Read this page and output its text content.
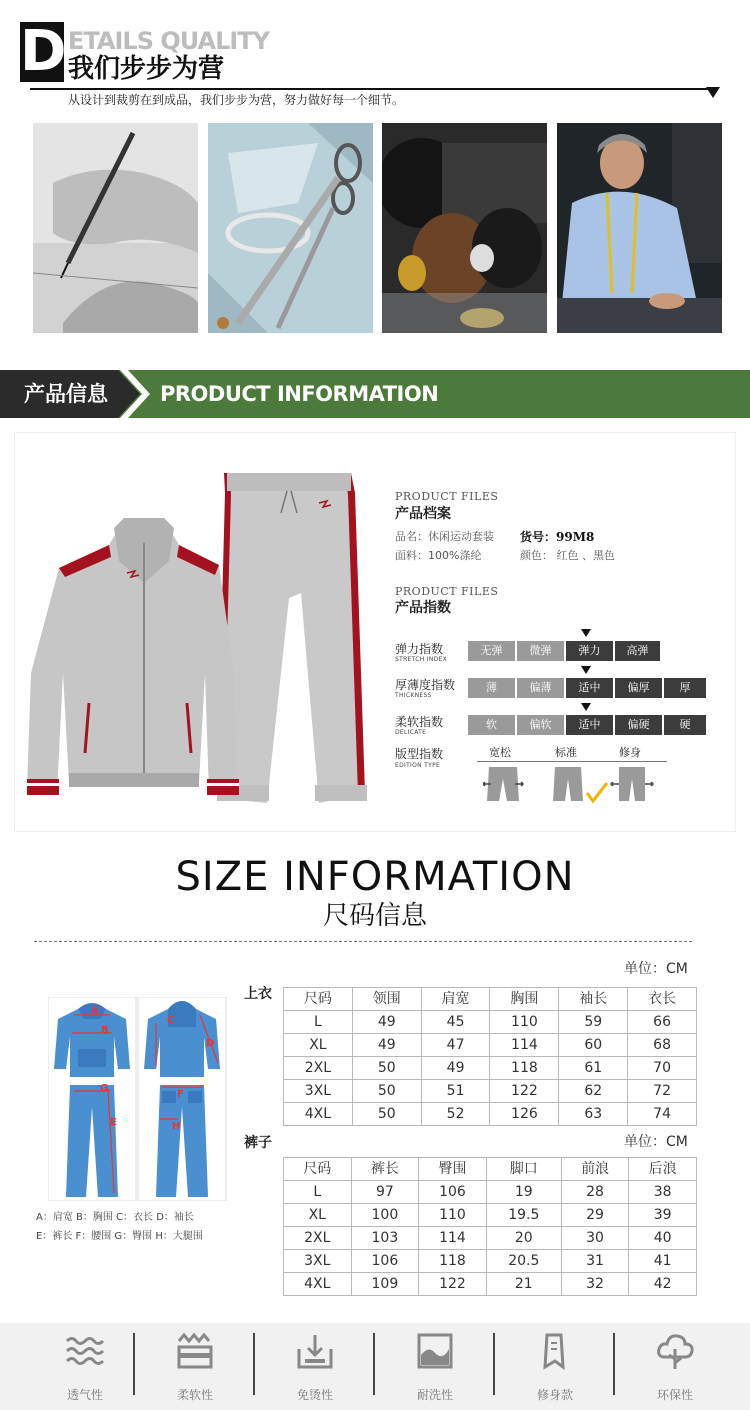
D ETAILS QUALITY
我们步步为营
从设计到裁剪在到成品，我们步步为营，努力做好每一个细节。
产品信息 PRODUCT INFORMATION
PRODUCT FILES
产品档案
品名：休闲运动套装 货号：99M8
面料：100%涤纶	颜色： 红色 、黑色
PRODUCT FILES
产品指数
弹力指数
STRETCH INDEX
无弹	微弹	弹力	高弹
厚薄度指数
THICKNESS
薄	偏薄	适中	偏厚	厚
柔软指数
DELICATE
软	偏软	适中	偏硬	硬
版型指数
EDITION TYPE
宽松	标准	修身
SIZE INFORMATION
尺码信息
单位：CM
上衣 尺码	领围	肩宽	胸围	袖长	衣长
L	49	45	110	59	66
XL	49	47	114	60	68
2XL	50	49	118	61	70
3XL	50	51	122	62	72
4XL	50	52	126	63	74
单位：CM
裤子
尺码	裤长	臀围	脚口	前浪	后浪
L	97	106	19	28	38
XL	100	110	19.5	29	39
2XL	103	114	20	30	40
3XL	106	118	20.5	31	41
4XL	109	122	21	32	42
A
B
C
D
G
E
F
H
A：肩宽 B：胸围 C：衣长 D：袖长
E：裤长 F：腰围 G：臀围 H：大腿围
透气性	柔软性	免烫性	耐洗性	修身款	环保性
